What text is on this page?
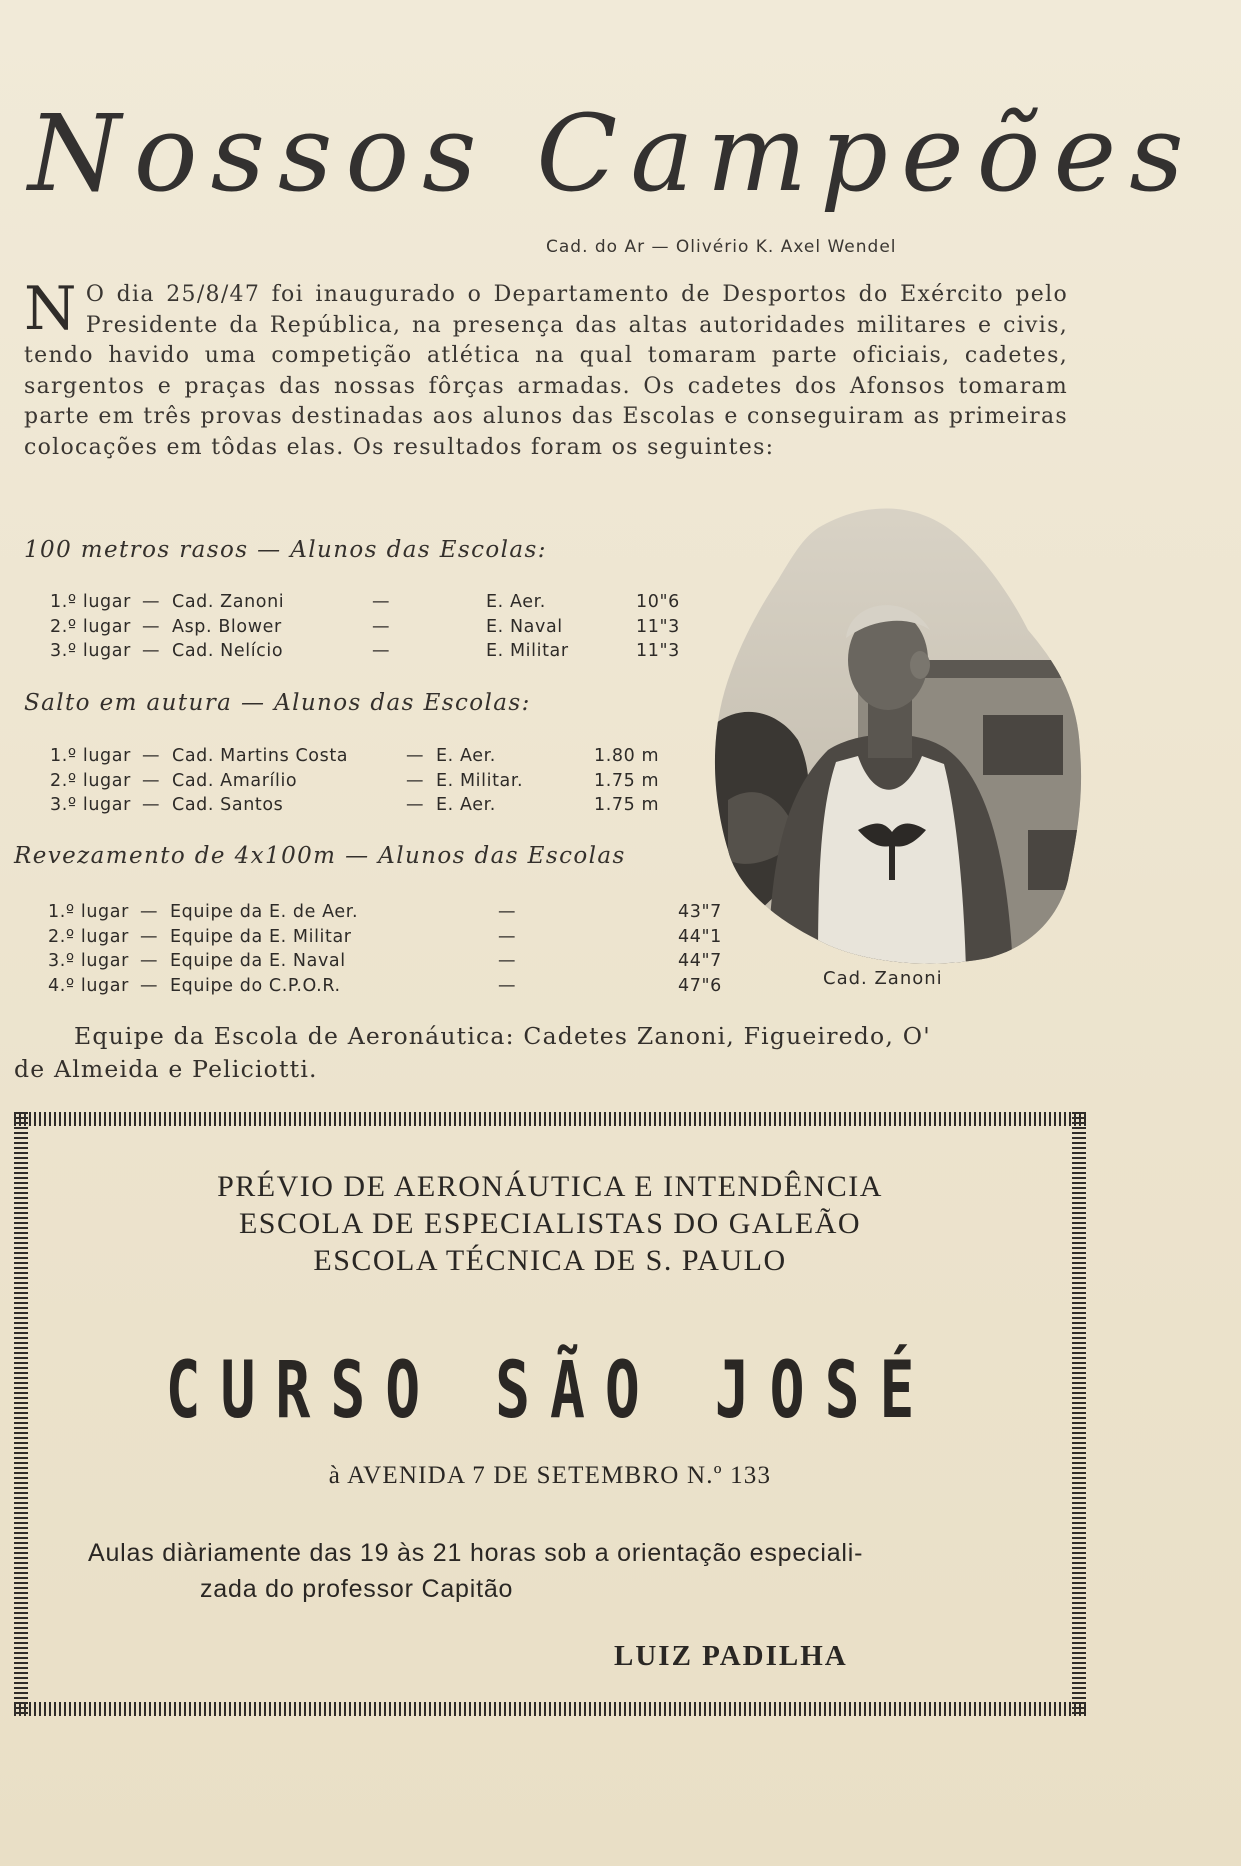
Nossos Campeões
Cad. do Ar — Olivério K. Axel Wendel
N O dia 25/8/47 foi inaugurado o Departamento de Desportos do Exército pelo Presidente da República, na presença das altas autoridades militares e civis, tendo havido uma competição atlética na qual tomaram parte oficiais, cadetes, sargentos e praças das nossas fôrças armadas. Os cadetes dos Afonsos tomaram parte em três provas destinadas aos alunos das Escolas e conseguiram as primeiras colocações em tôdas elas. Os resultados foram os seguintes:
100 metros rasos — Alunos das Escolas:
1.º lugar	—	Cad. Zanoni	—	E. Aer.	10"6
2.º lugar	—	Asp. Blower	—	E. Naval	11"3
3.º lugar	—	Cad. Nelício	—	E. Militar	11"3
Salto em autura — Alunos das Escolas:
1.º lugar	—	Cad. Martins Costa	—	E. Aer.	1.80 m
2.º lugar	—	Cad. Amarílio	—	E. Militar.	1.75 m
3.º lugar	—	Cad. Santos	—	E. Aer.	1.75 m
Revezamento de 4x100m — Alunos das Escolas
1.º lugar	—	Equipe da E. de Aer.	—	43"7
2.º lugar	—	Equipe da E. Militar	—	44"1
3.º lugar	—	Equipe da E. Naval	—	44"7
4.º lugar	—	Equipe do C.P.O.R.	—	47"6	Cad. Zanoni
Equipe da Escola de Aeronáutica: Cadetes Zanoni, Figueiredo, O'
de Almeida e Peliciotti.
PRÉVIO DE AERONÁUTICA E INTENDÊNCIA
ESCOLA DE ESPECIALISTAS DO GALEÃO
ESCOLA TÉCNICA DE S. PAULO
CURSO SÃO JOSÉ
à AVENIDA 7 DE SETEMBRO N.º 133
Aulas diàriamente das 19 às 21 horas sob a orientação especiali-
zada do professor Capitão
LUIZ PADILHA
